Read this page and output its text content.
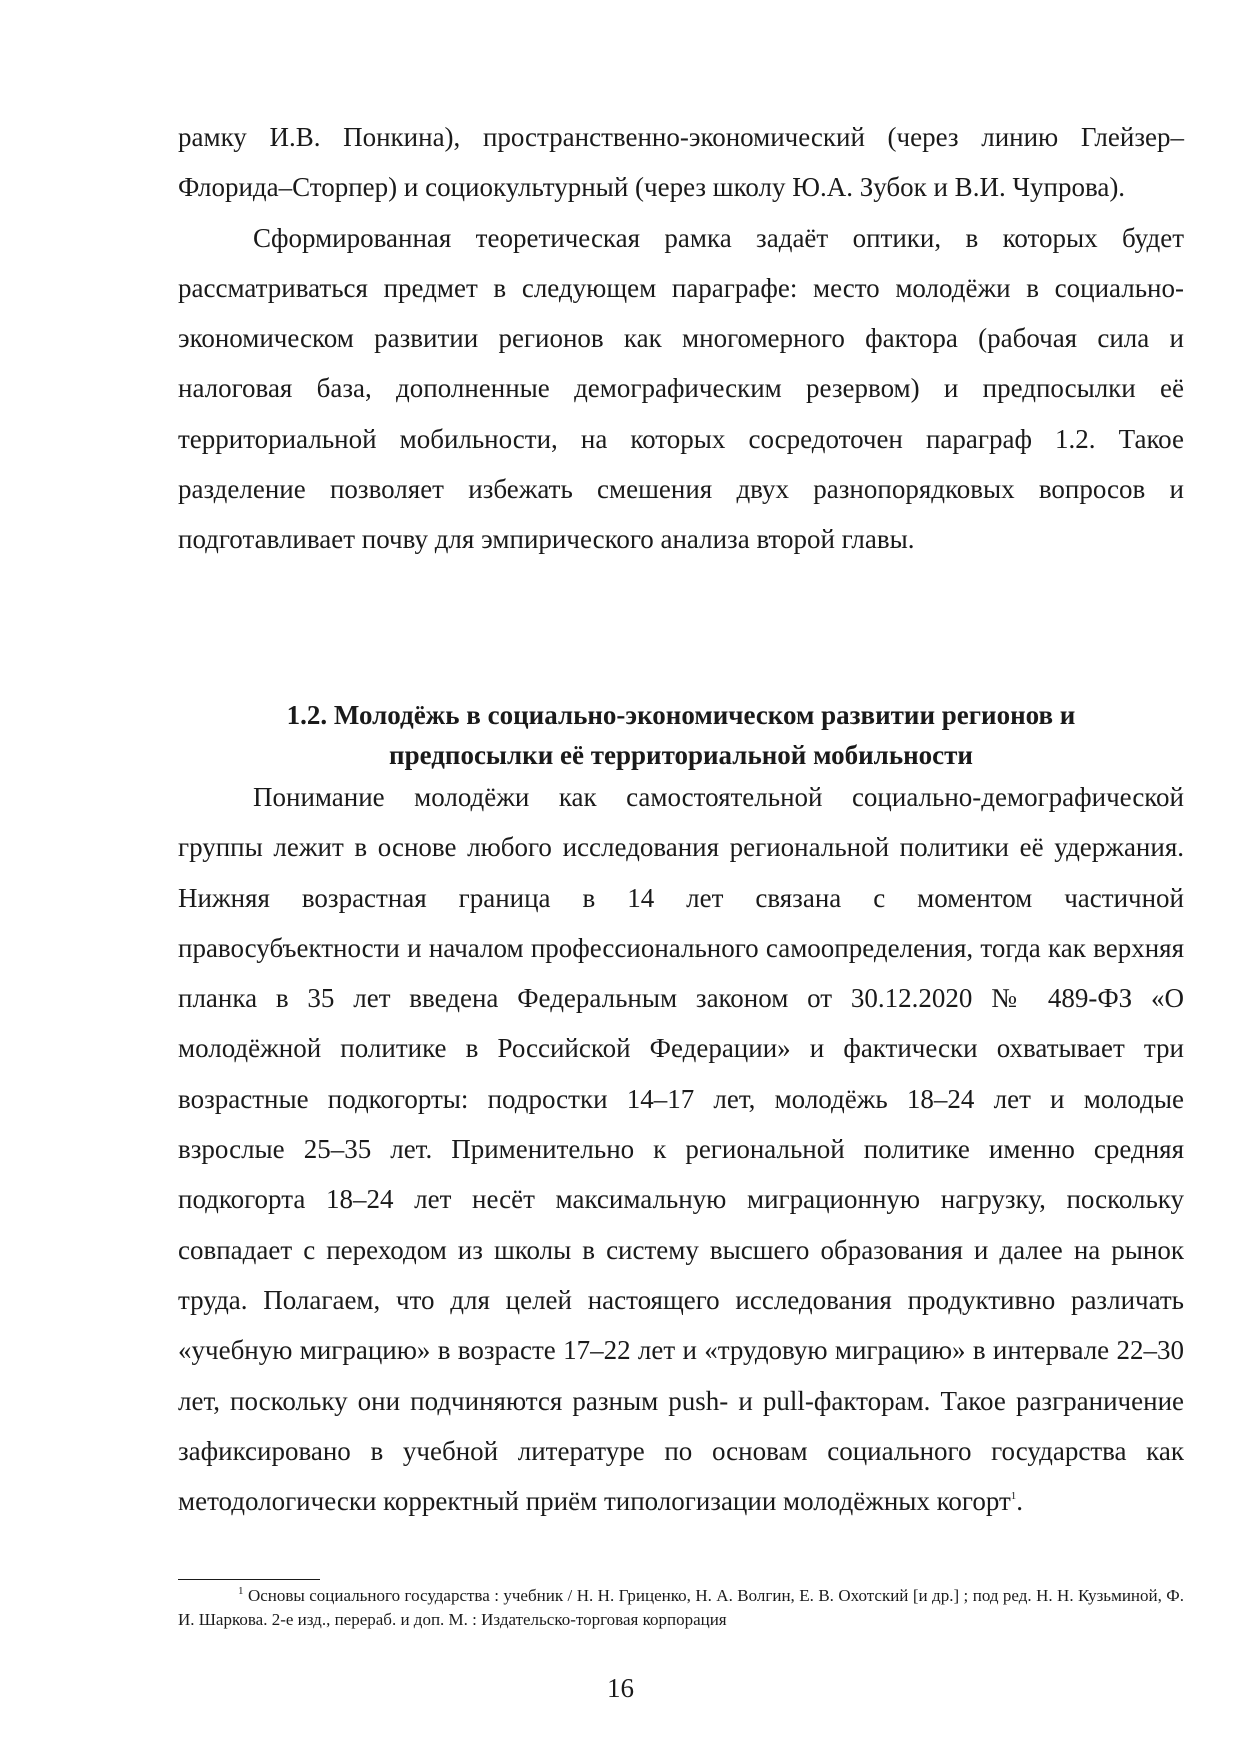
рамку И.В. Понкина), пространственно-экономический (через линию Глейзер–Флорида–Сторпер) и социокультурный (через школу Ю.А. Зубок и В.И. Чупрова).

Сформированная теоретическая рамка задаёт оптики, в которых будет рассматриваться предмет в следующем параграфе: место молодёжи в социально-экономическом развитии регионов как многомерного фактора (рабочая сила и налоговая база, дополненные демографическим резервом) и предпосылки её территориальной мобильности, на которых сосредоточен параграф 1.2. Такое разделение позволяет избежать смешения двух разнопорядковых вопросов и подготавливает почву для эмпирического анализа второй главы.

1.2. Молодёжь в социально-экономическом развитии регионов и
предпосылки её территориальной мобильности

Понимание молодёжи как самостоятельной социально-демографической группы лежит в основе любого исследования региональной политики её удержания. Нижняя возрастная граница в 14 лет связана с моментом частичной правосубъектности и началом профессионального самоопределения, тогда как верхняя планка в 35 лет введена Федеральным законом от 30.12.2020 № 489-ФЗ «О молодёжной политике в Российской Федерации» и фактически охватывает три возрастные подкогорты: подростки 14–17 лет, молодёжь 18–24 лет и молодые взрослые 25–35 лет. Применительно к региональной политике именно средняя подкогорта 18–24 лет несёт максимальную миграционную нагрузку, поскольку совпадает с переходом из школы в систему высшего образования и далее на рынок труда. Полагаем, что для целей настоящего исследования продуктивно различать «учебную миграцию» в возрасте 17–22 лет и «трудовую миграцию» в интервале 22–30 лет, поскольку они подчиняются разным push- и pull-факторам. Такое разграничение зафиксировано в учебной литературе по основам социального государства как методологически корректный приём типологизации молодёжных когорт$^1$.

$^1$ Основы социального государства : учебник / Н. Н. Гриценко, Н. А. Волгин, Е. В. Охотский [и др.] ; под ред. Н. Н. Кузьминой, Ф. И. Шаркова. 2-е изд., перераб. и доп. М. : Издательско-торговая корпорация
16
